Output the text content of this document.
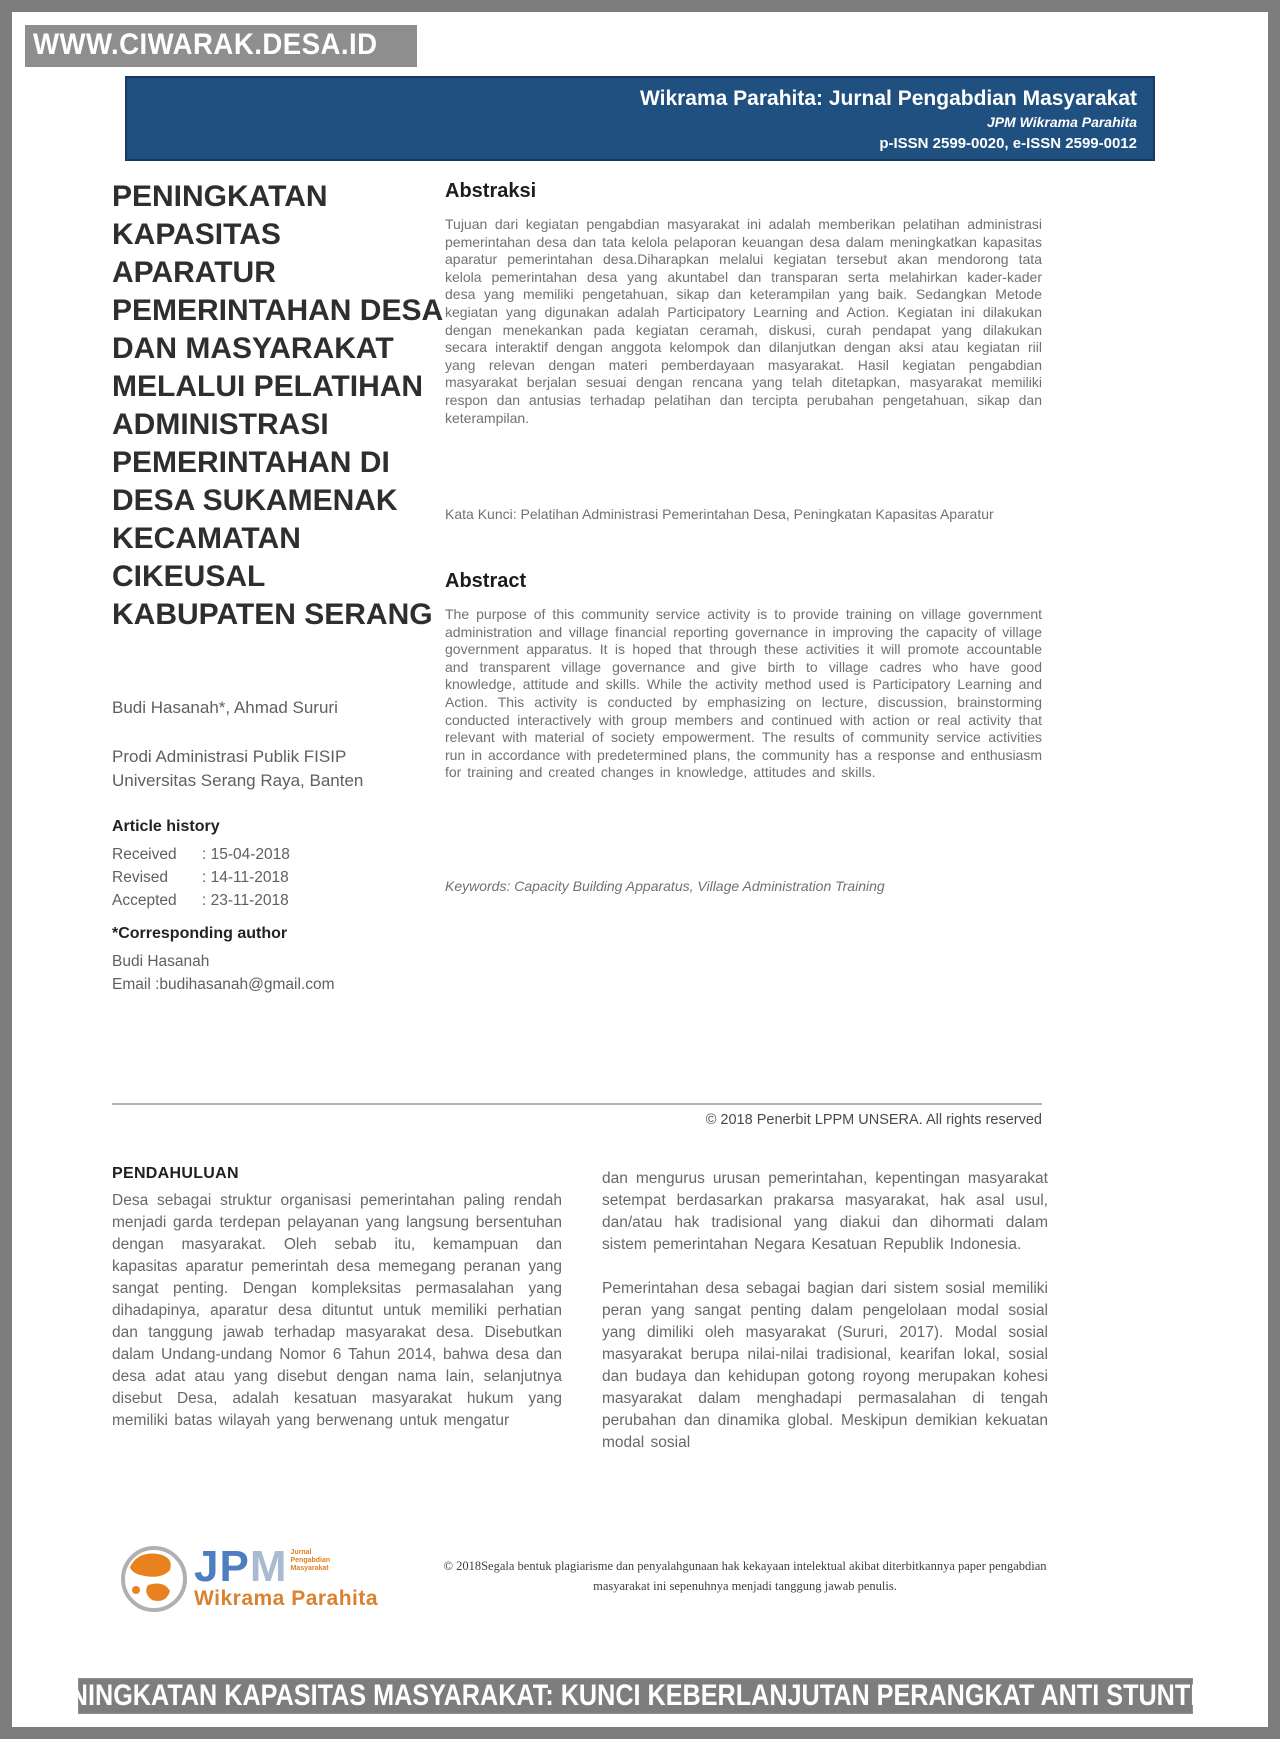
WWW.CIWARAK.DESA.ID
Wikrama Parahita: Jurnal Pengabdian Masyarakat
JPM Wikrama Parahita
p-ISSN 2599-0020, e-ISSN 2599-0012
PENINGKATAN KAPASITAS APARATUR PEMERINTAHAN DESA DAN MASYARAKAT MELALUI PELATIHAN ADMINISTRASI PEMERINTAHAN DI DESA SUKAMENAK KECAMATAN CIKEUSAL KABUPATEN SERANG
Budi Hasanah*, Ahmad Sururi
Prodi Administrasi Publik FISIP
Universitas Serang Raya, Banten
Article history
Received	: 15-04-2018
Revised	: 14-11-2018
Accepted	: 23-11-2018
*Corresponding author
Budi Hasanah
Email :budihasanah@gmail.com
Abstraksi
Tujuan dari kegiatan pengabdian masyarakat ini adalah memberikan pelatihan administrasi pemerintahan desa dan tata kelola pelaporan keuangan desa dalam meningkatkan kapasitas aparatur pemerintahan desa.Diharapkan melalui kegiatan tersebut akan mendorong tata kelola pemerintahan desa yang akuntabel dan transparan serta melahirkan kader-kader desa yang memiliki pengetahuan, sikap dan keterampilan yang baik. Sedangkan Metode kegiatan yang digunakan adalah Participatory Learning and Action. Kegiatan ini dilakukan dengan menekankan pada kegiatan ceramah, diskusi, curah pendapat yang dilakukan secara interaktif dengan anggota kelompok dan dilanjutkan dengan aksi atau kegiatan riil yang relevan dengan materi pemberdayaan masyarakat. Hasil kegiatan pengabdian masyarakat berjalan sesuai dengan rencana yang telah ditetapkan, masyarakat memiliki respon dan antusias terhadap pelatihan dan tercipta perubahan pengetahuan, sikap dan keterampilan.
Kata Kunci: Pelatihan Administrasi Pemerintahan Desa, Peningkatan Kapasitas Aparatur
Abstract
The purpose of this community service activity is to provide training on village government administration and village financial reporting governance in improving the capacity of village government apparatus. It is hoped that through these activities it will promote accountable and transparent village governance and give birth to village cadres who have good knowledge, attitude and skills. While the activity method used is Participatory Learning and Action. This activity is conducted by emphasizing on lecture, discussion, brainstorming conducted interactively with group members and continued with action or real activity that relevant with material of society empowerment. The results of community service activities run in accordance with predetermined plans, the community has a response and enthusiasm for training and created changes in knowledge, attitudes and skills.
Keywords: Capacity Building Apparatus, Village Administration Training
© 2018 Penerbit LPPM UNSERA. All rights reserved
PENDAHULUAN
Desa sebagai struktur organisasi pemerintahan paling rendah menjadi garda terdepan pelayanan yang langsung bersentuhan dengan masyarakat. Oleh sebab itu, kemampuan dan kapasitas aparatur pemerintah desa memegang peranan yang sangat penting. Dengan kompleksitas permasalahan yang dihadapinya, aparatur desa dituntut untuk memiliki perhatian dan tanggung jawab terhadap masyarakat desa. Disebutkan dalam Undang-undang Nomor 6 Tahun 2014, bahwa desa dan desa adat atau yang disebut dengan nama lain, selanjutnya disebut Desa, adalah kesatuan masyarakat hukum yang memiliki batas wilayah yang berwenang untuk mengatur

dan mengurus urusan pemerintahan, kepentingan masyarakat setempat berdasarkan prakarsa masyarakat, hak asal usul, dan/atau hak tradisional yang diakui dan dihormati dalam sistem pemerintahan Negara Kesatuan Republik Indonesia.

Pemerintahan desa sebagai bagian dari sistem sosial memiliki peran yang sangat penting dalam pengelolaan modal sosial yang dimiliki oleh masyarakat (Sururi, 2017). Modal sosial masyarakat berupa nilai-nilai tradisional, kearifan lokal, sosial dan budaya dan kehidupan gotong royong merupakan kohesi masyarakat dalam menghadapi permasalahan di tengah perubahan dan dinamika global. Meskipun demikian kekuatan modal sosial

JPM Jurnal
Pengabdian
Masyarakat
Wikrama Parahita
© 2018Segala bentuk plagiarisme dan penyalahgunaan hak kekayaan intelektual akibat diterbitkannya paper pengabdian
masyarakat ini sepenuhnya menjadi tanggung jawab penulis.
PENINGKATAN KAPASITAS MASYARAKAT: KUNCI KEBERLANJUTAN PERANGKAT ANTI STUNTING
